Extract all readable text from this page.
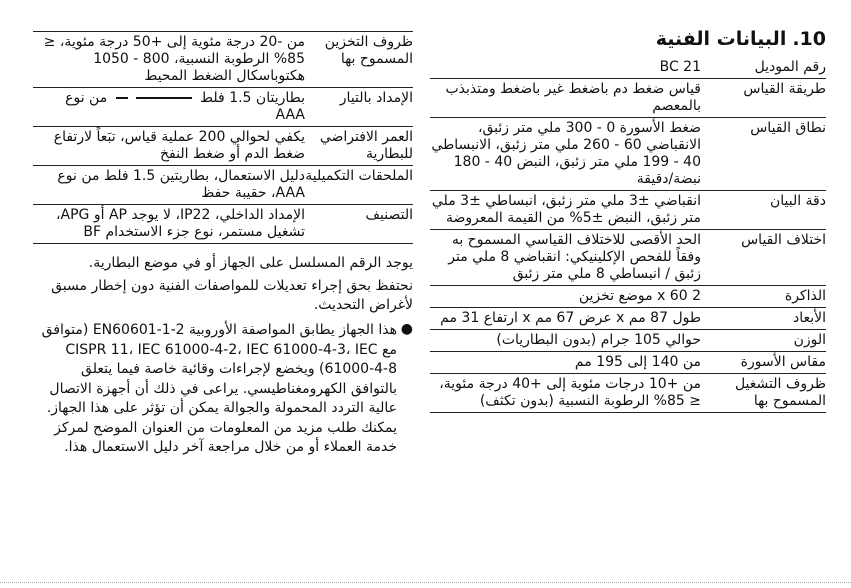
10.البيانات الفنية
رقم الموديل
BC 21
طريقة القياس
قياس ضغط دم باضغط غير باضغط ومتذبذب بالمعصم
نطاق القياس
ضغط الأسورة 0 - 300 ملي متر زئبق، الانقباضي 60 - 260 ملي متر زئبق، الانبساطي 40 - 199 ملي متر زئبق، النبض 40 - 180 نبضة/دقيقة
دقة البيان
انقباضي ±3 ملي متر زئبق، انبساطي ±3 ملي متر زئبق، النبض ±5% من القيمة المعروضة
اختلاف القياس
الحد الأقصى للاختلاف القياسي المسموح به وفقاً للفحص الإكلينيكي: انقباضي 8 ملي متر زئبق / انبساطي 8 ملي متر زئبق
الذاكرة
2 x 60 موضع تخزين
الأبعاد
طول 87 مم x عرض 67 مم x ارتفاع 31 مم
الوزن
حوالي 105 جرام (بدون البطاريات)
مقاس الأسورة
من 140 إلى 195 مم
ظروف التشغيل المسموح بها
من +10 درجات مئوية إلى +40 درجة مئوية، ≤ 85% الرطوبة النسبية (بدون تكثف)
ظروف التخزين المسموح بها
من -20 درجة مئوية إلى +50 درجة مئوية، ≤ 85% الرطوبة النسبية، 800 - 1050 هكتوباسكال الضغط المحيط
الإمداد بالتيار
بطاريتان 1.5 فلط  من نوع AAA
العمر الافتراضي للبطارية
يكفي لحوالي 200 عملية قياس، تبَعاً لارتفاع ضغط الدم أو ضغط النفخ
الملحقات التكميلية
دليل الاستعمال، بطاريتين 1.5 فلط من نوع AAA، حقيبة حفظ
التصنيف
الإمداد الداخلي، IP22، لا يوجد AP أو APG، تشغيل مستمر، نوع جزء الاستخدام BF

يوجد الرقم المسلسل على الجهاز أو في موضع البطارية.

نحتفظ بحق إجراء تعديلات للمواصفات الفنية دون إخطار مسبق لأغراض التحديث.

●
هذا الجهاز يطابق المواصفة الأوروبية EN60601-1-2 (متوافق مع CISPR 11، IEC 61000-4-2، IEC 61000-4-3، IEC 61000-4-8) ويخضع لإجراءات وقائية خاصة فيما يتعلق بالتوافق الكهرومغناطيسي. يراعى في ذلك أن أجهزة الاتصال عالية التردد المحمولة والجوالة يمكن أن تؤثر على هذا الجهاز. يمكنك طلب مزيد من المعلومات من العنوان الموضح لمركز خدمة العملاء أو من خلال مراجعة آخر دليل الاستعمال هذا.
